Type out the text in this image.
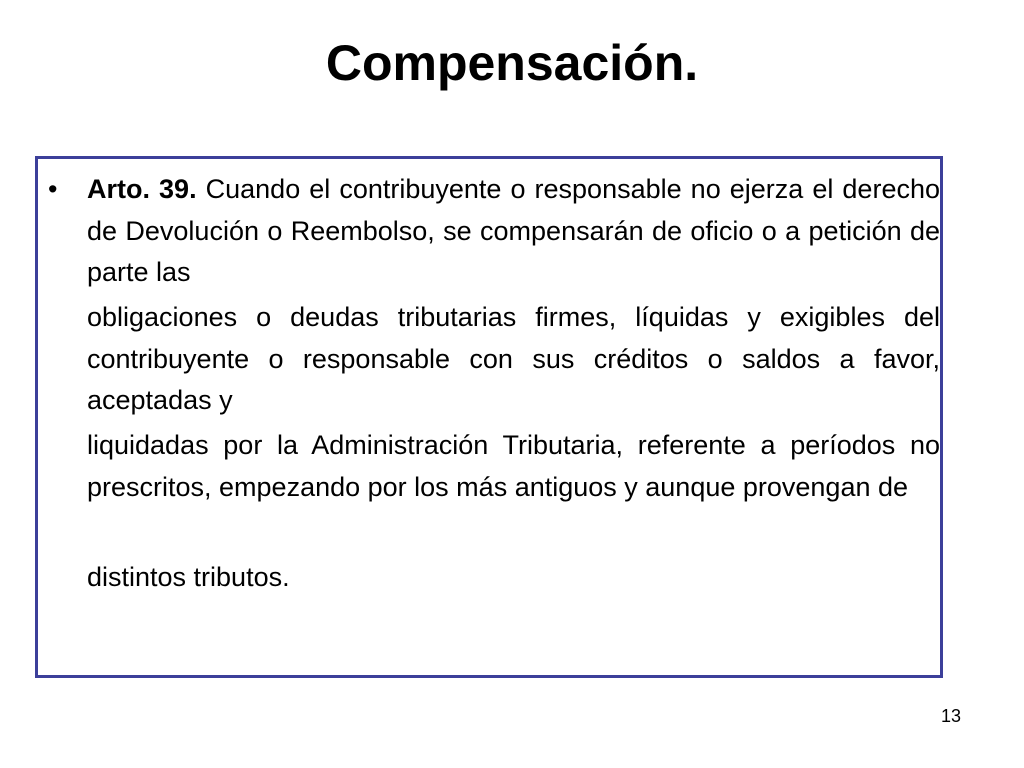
Compensación.
• Arto. 39. Cuando el contribuyente o responsable no ejerza el derecho de Devolución o Reembolso, se compensarán de oficio o a petición de parte las

obligaciones o deudas tributarias firmes, líquidas y exigibles del contribuyente o responsable con sus créditos o saldos a favor, aceptadas y

liquidadas por la Administración Tributaria, referente a períodos no prescritos, empezando por los más antiguos y aunque provengan de

distintos tributos.

13
